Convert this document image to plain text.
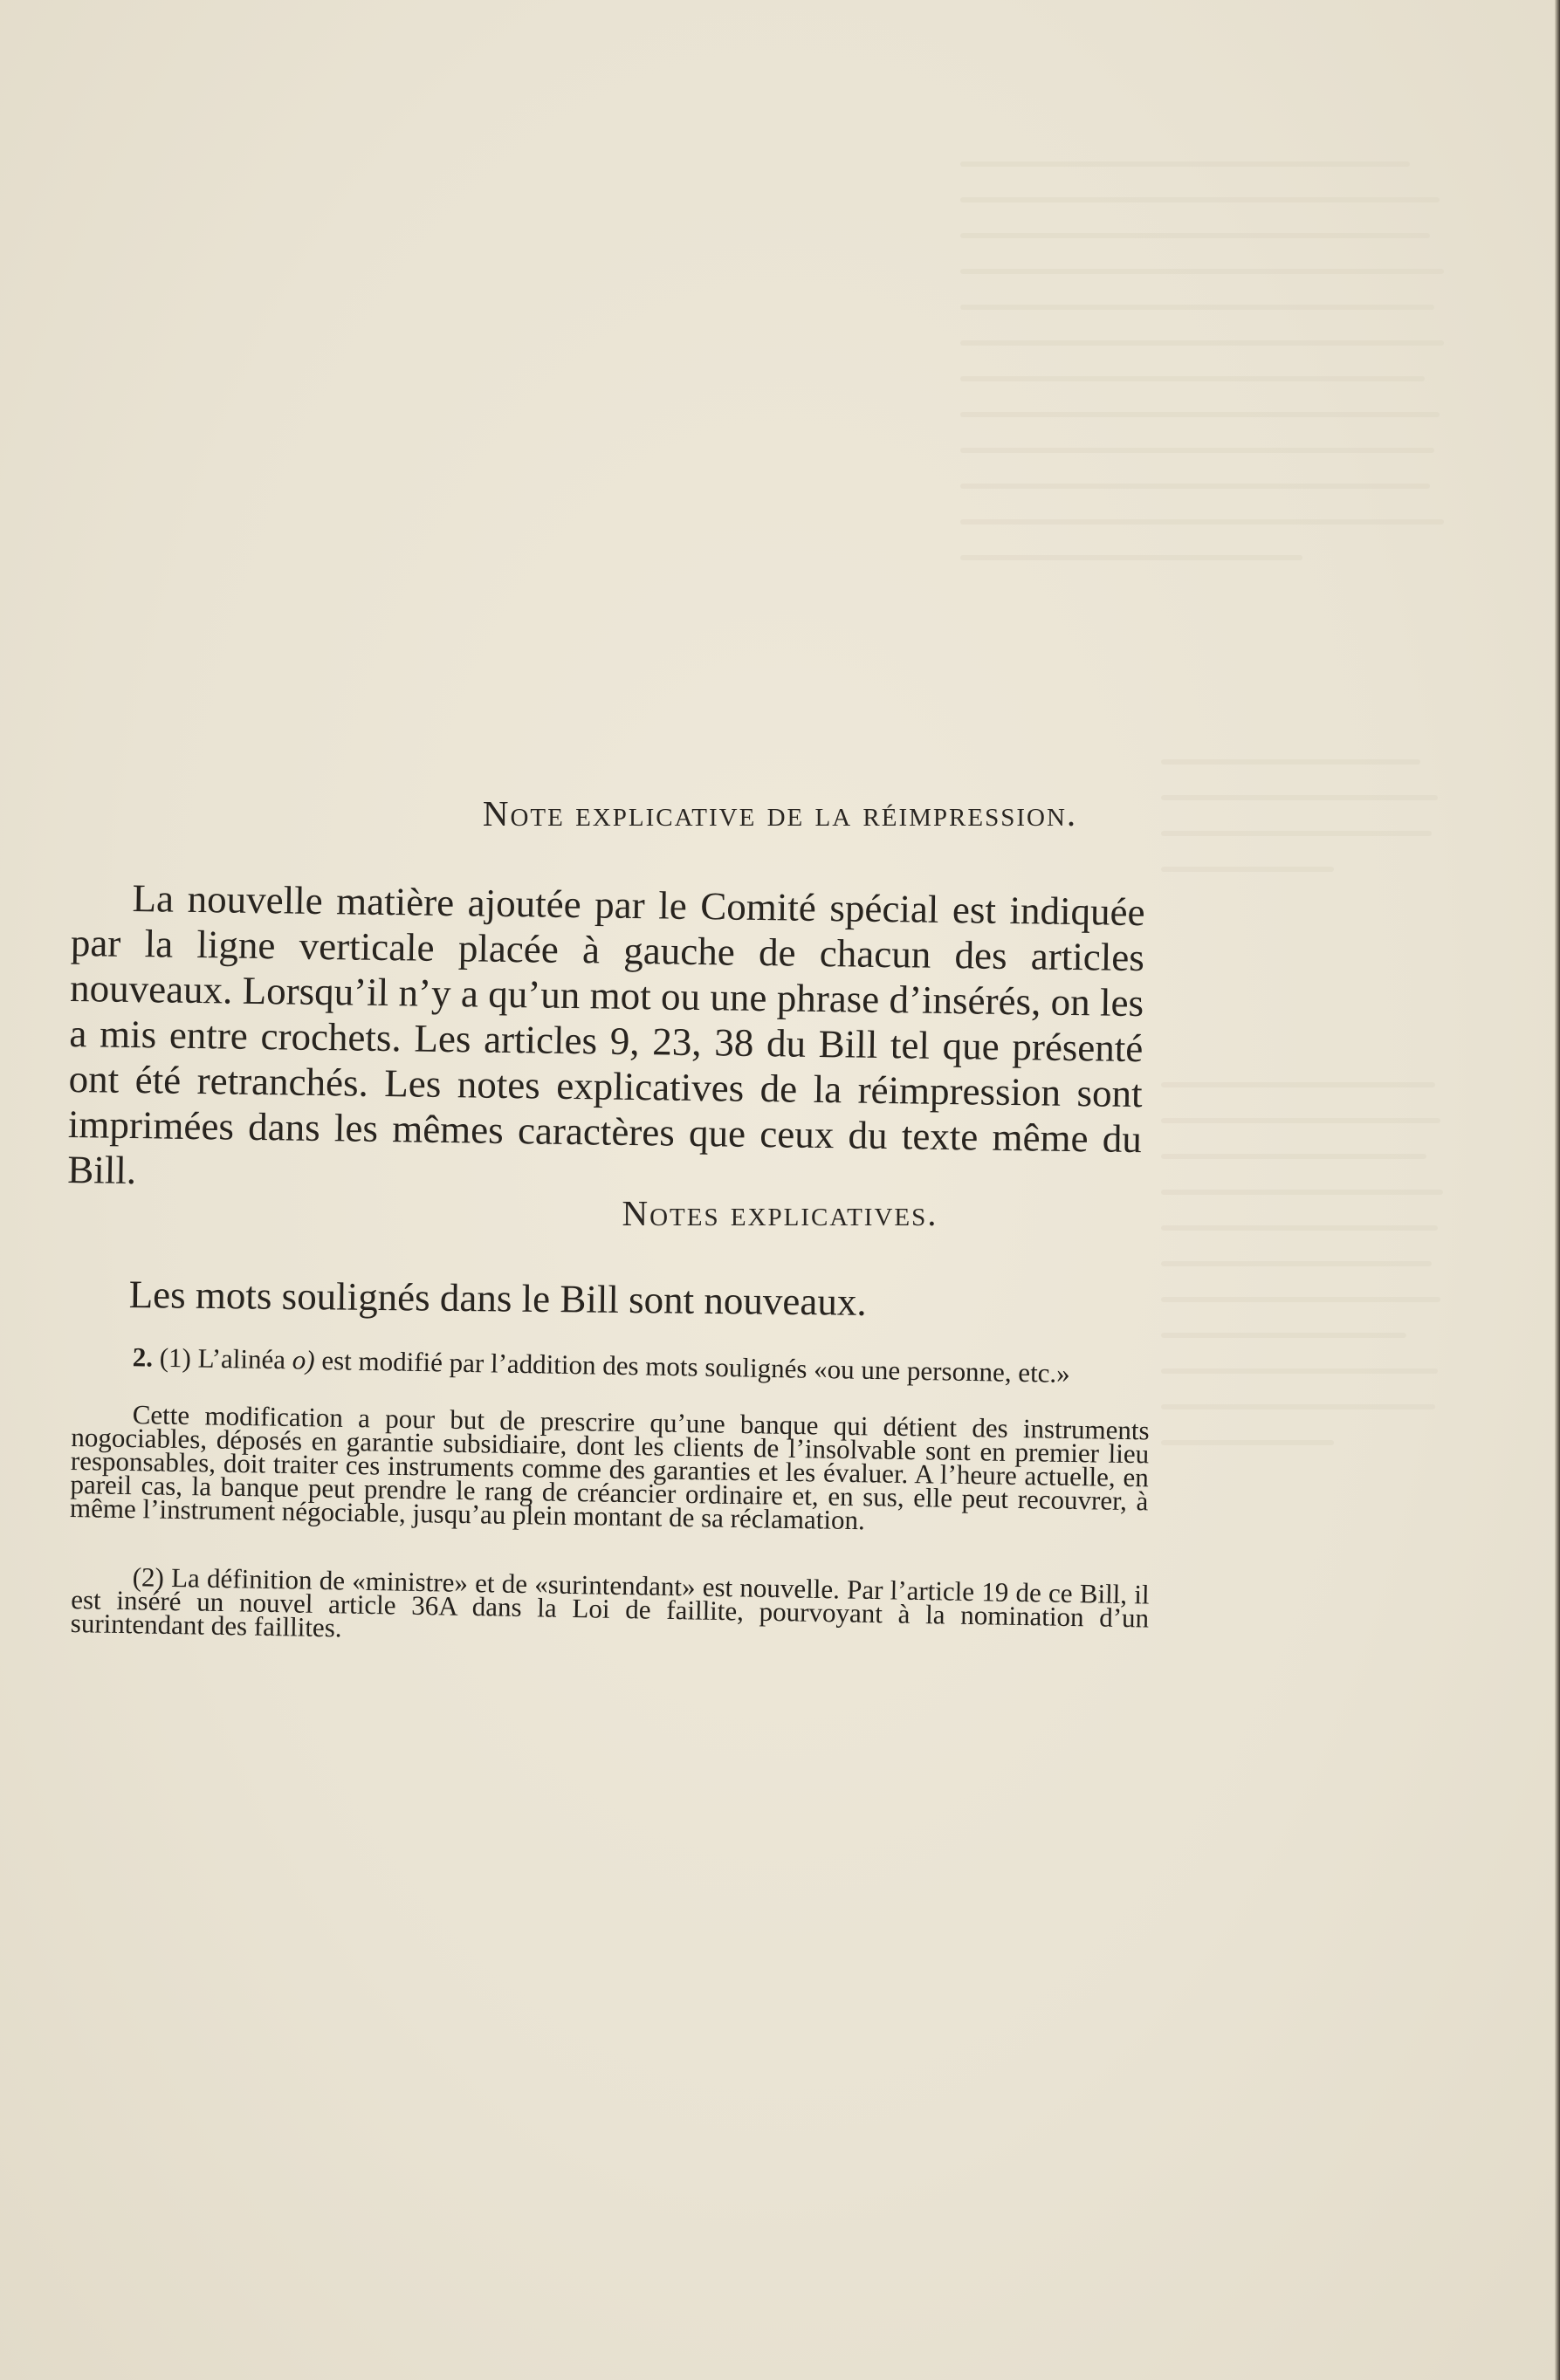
Note explicative de la réimpression.
La nouvelle matière ajoutée par le Comité spécial est indiquée par la ligne verticale placée à gauche de chacun des articles nouveaux. Lorsqu’il n’y a qu’un mot ou une phrase d’insérés, on les a mis entre crochets. Les articles 9, 23, 38 du Bill tel que présenté ont été retranchés. Les notes explicatives de la réimpression sont imprimées dans les mêmes caractères que ceux du texte même du Bill.
Notes explicatives.
Les mots soulignés dans le Bill sont nouveaux.
2. (1) L’alinéa o) est modifié par l’addition des mots soulignés «ou une personne, etc.»
Cette modification a pour but de prescrire qu’une banque qui détient des instruments nogociables, déposés en garantie subsidiaire, dont les clients de l’insolvable sont en premier lieu responsables, doit traiter ces instruments comme des garanties et les évaluer. A l’heure actuelle, en pareil cas, la banque peut prendre le rang de créancier ordinaire et, en sus, elle peut recouvrer, à même l’instrument négociable, jusqu’au plein montant de sa réclamation.
(2) La définition de «ministre» et de «surintendant» est nouvelle. Par l’article 19 de ce Bill, il est inséré un nouvel article 36A dans la Loi de faillite, pourvoyant à la nomination d’un surintendant des faillites.
